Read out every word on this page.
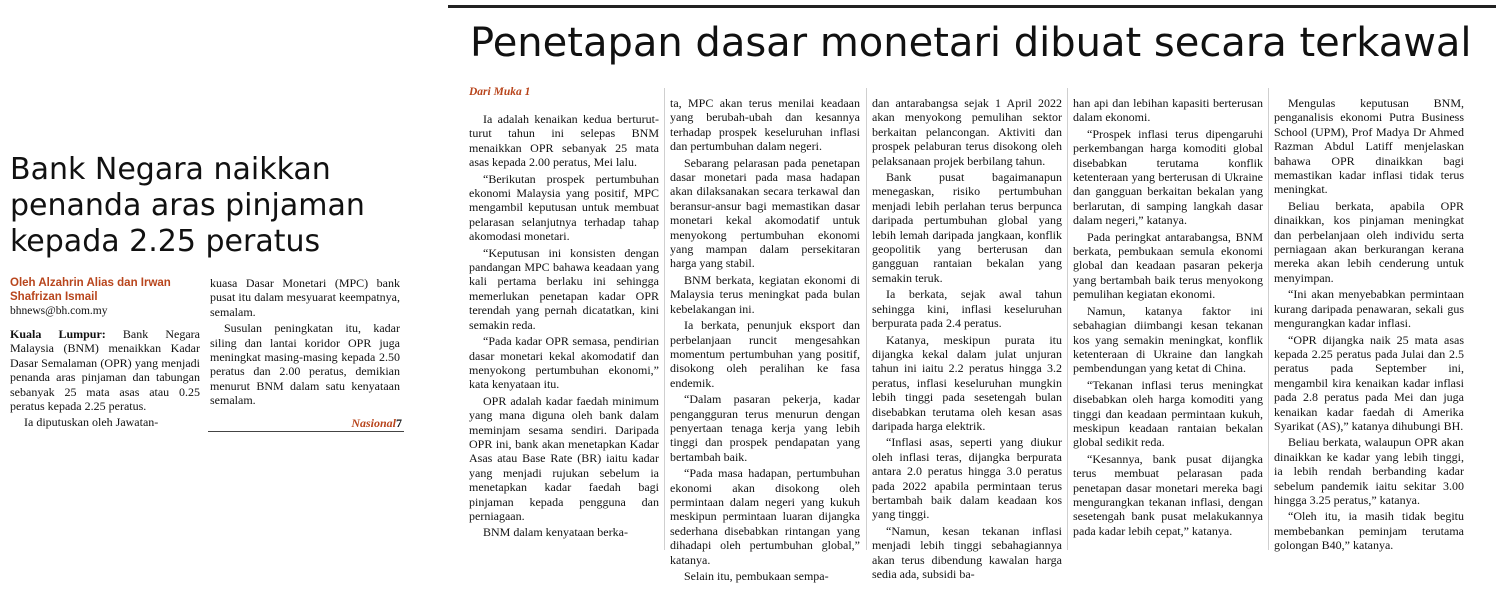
Bank Negara naikkan penanda aras pinjaman kepada 2.25 peratus
Oleh Alzahrin Alias dan Irwan Shafrizan Ismail
bhnews@bh.com.my

Kuala Lumpur: Bank Negara Malaysia (BNM) menaikkan Kadar Dasar Semalaman (OPR) yang menjadi penanda aras pinjaman dan tabungan sebanyak 25 mata asas atau 0.25 peratus kepada 2.25 peratus.

Ia diputuskan oleh Jawatan-

kuasa Dasar Monetari (MPC) bank pusat itu dalam mesyuarat keempatnya, semalam.

Susulan peningkatan itu, kadar siling dan lantai koridor OPR juga meningkat masing-masing kepada 2.50 peratus dan 2.00 peratus, demikian menurut BNM dalam satu kenyataan semalam.

Nasional7
Penetapan dasar monetari dibuat secara terkawal
Dari Muka 1

Ia adalah kenaikan kedua berturut-turut tahun ini selepas BNM menaikkan OPR sebanyak 25 mata asas kepada 2.00 peratus, Mei lalu.

“Berikutan prospek pertumbuhan ekonomi Malaysia yang positif, MPC mengambil keputusan untuk membuat pelarasan selanjutnya terhadap tahap akomodasi monetari.

“Keputusan ini konsisten dengan pandangan MPC bahawa keadaan yang kali pertama berlaku ini sehingga memerlukan penetapan kadar OPR terendah yang pernah dicatatkan, kini semakin reda.

“Pada kadar OPR semasa, pendirian dasar monetari kekal akomodatif dan menyokong pertumbuhan ekonomi,” kata kenyataan itu.

OPR adalah kadar faedah minimum yang mana diguna oleh bank dalam meminjam sesama sendiri. Daripada OPR ini, bank akan menetapkan Kadar Asas atau Base Rate (BR) iaitu kadar yang menjadi rujukan sebelum ia menetapkan kadar faedah bagi pinjaman kepada pengguna dan perniagaan.

BNM dalam kenyataan berka-

ta, MPC akan terus menilai keadaan yang berubah-ubah dan kesannya terhadap prospek keseluruhan inflasi dan pertumbuhan dalam negeri.

Sebarang pelarasan pada penetapan dasar monetari pada masa hadapan akan dilaksanakan secara terkawal dan beransur-ansur bagi memastikan dasar monetari kekal akomodatif untuk menyokong pertumbuhan ekonomi yang mampan dalam persekitaran harga yang stabil.

BNM berkata, kegiatan ekonomi di Malaysia terus meningkat pada bulan kebelakangan ini.

Ia berkata, penunjuk eksport dan perbelanjaan runcit mengesahkan momentum pertumbuhan yang positif, disokong oleh peralihan ke fasa endemik.

“Dalam pasaran pekerja, kadar pengangguran terus menurun dengan penyertaan tenaga kerja yang lebih tinggi dan prospek pendapatan yang bertambah baik.

“Pada masa hadapan, pertumbuhan ekonomi akan disokong oleh permintaan dalam negeri yang kukuh meskipun permintaan luaran dijangka sederhana disebabkan rintangan yang dihadapi oleh pertumbuhan global,” katanya.

Selain itu, pembukaan sempa-

dan antarabangsa sejak 1 April 2022 akan menyokong pemulihan sektor berkaitan pelancongan. Aktiviti dan prospek pelaburan terus disokong oleh pelaksanaan projek berbilang tahun.

Bank pusat bagaimanapun menegaskan, risiko pertumbuhan menjadi lebih perlahan terus berpunca daripada pertumbuhan global yang lebih lemah daripada jangkaan, konflik geopolitik yang berterusan dan gangguan rantaian bekalan yang semakin teruk.

Ia berkata, sejak awal tahun sehingga kini, inflasi keseluruhan berpurata pada 2.4 peratus.

Katanya, meskipun purata itu dijangka kekal dalam julat unjuran tahun ini iaitu 2.2 peratus hingga 3.2 peratus, inflasi keseluruhan mungkin lebih tinggi pada sesetengah bulan disebabkan terutama oleh kesan asas daripada harga elektrik.

“Inflasi asas, seperti yang diukur oleh inflasi teras, dijangka berpurata antara 2.0 peratus hingga 3.0 peratus pada 2022 apabila permintaan terus bertambah baik dalam keadaan kos yang tinggi.

“Namun, kesan tekanan inflasi menjadi lebih tinggi sebahagiannya akan terus dibendung kawalan harga sedia ada, subsidi ba-

han api dan lebihan kapasiti berterusan dalam ekonomi.

“Prospek inflasi terus dipengaruhi perkembangan harga komoditi global disebabkan terutama konflik ketenteraan yang berterusan di Ukraine dan gangguan berkaitan bekalan yang berlarutan, di samping langkah dasar dalam negeri,” katanya.

Pada peringkat antarabangsa, BNM berkata, pembukaan semula ekonomi global dan keadaan pasaran pekerja yang bertambah baik terus menyokong pemulihan kegiatan ekonomi.

Namun, katanya faktor ini sebahagian diimbangi kesan tekanan kos yang semakin meningkat, konflik ketenteraan di Ukraine dan langkah pembendungan yang ketat di China.

“Tekanan inflasi terus meningkat disebabkan oleh harga komoditi yang tinggi dan keadaan permintaan kukuh, meskipun keadaan rantaian bekalan global sedikit reda.

“Kesannya, bank pusat dijangka terus membuat pelarasan pada penetapan dasar monetari mereka bagi mengurangkan tekanan inflasi, dengan sesetengah bank pusat melakukannya pada kadar lebih cepat,” katanya.

Mengulas keputusan BNM, penganalisis ekonomi Putra Business School (UPM), Prof Madya Dr Ahmed Razman Abdul Latiff menjelaskan bahawa OPR dinaikkan bagi memastikan kadar inflasi tidak terus meningkat.

Beliau berkata, apabila OPR dinaikkan, kos pinjaman meningkat dan perbelanjaan oleh individu serta perniagaan akan berkurangan kerana mereka akan lebih cenderung untuk menyimpan.

“Ini akan menyebabkan permintaan kurang daripada penawaran, sekali gus mengurangkan kadar inflasi.

“OPR dijangka naik 25 mata asas kepada 2.25 peratus pada Julai dan 2.5 peratus pada September ini, mengambil kira kenaikan kadar inflasi pada 2.8 peratus pada Mei dan juga kenaikan kadar faedah di Amerika Syarikat (AS),” katanya dihubungi BH.

Beliau berkata, walaupun OPR akan dinaikkan ke kadar yang lebih tinggi, ia lebih rendah berbanding kadar sebelum pandemik iaitu sekitar 3.00 hingga 3.25 peratus,” katanya.

“Oleh itu, ia masih tidak begitu membebankan peminjam terutama golongan B40,” katanya.
